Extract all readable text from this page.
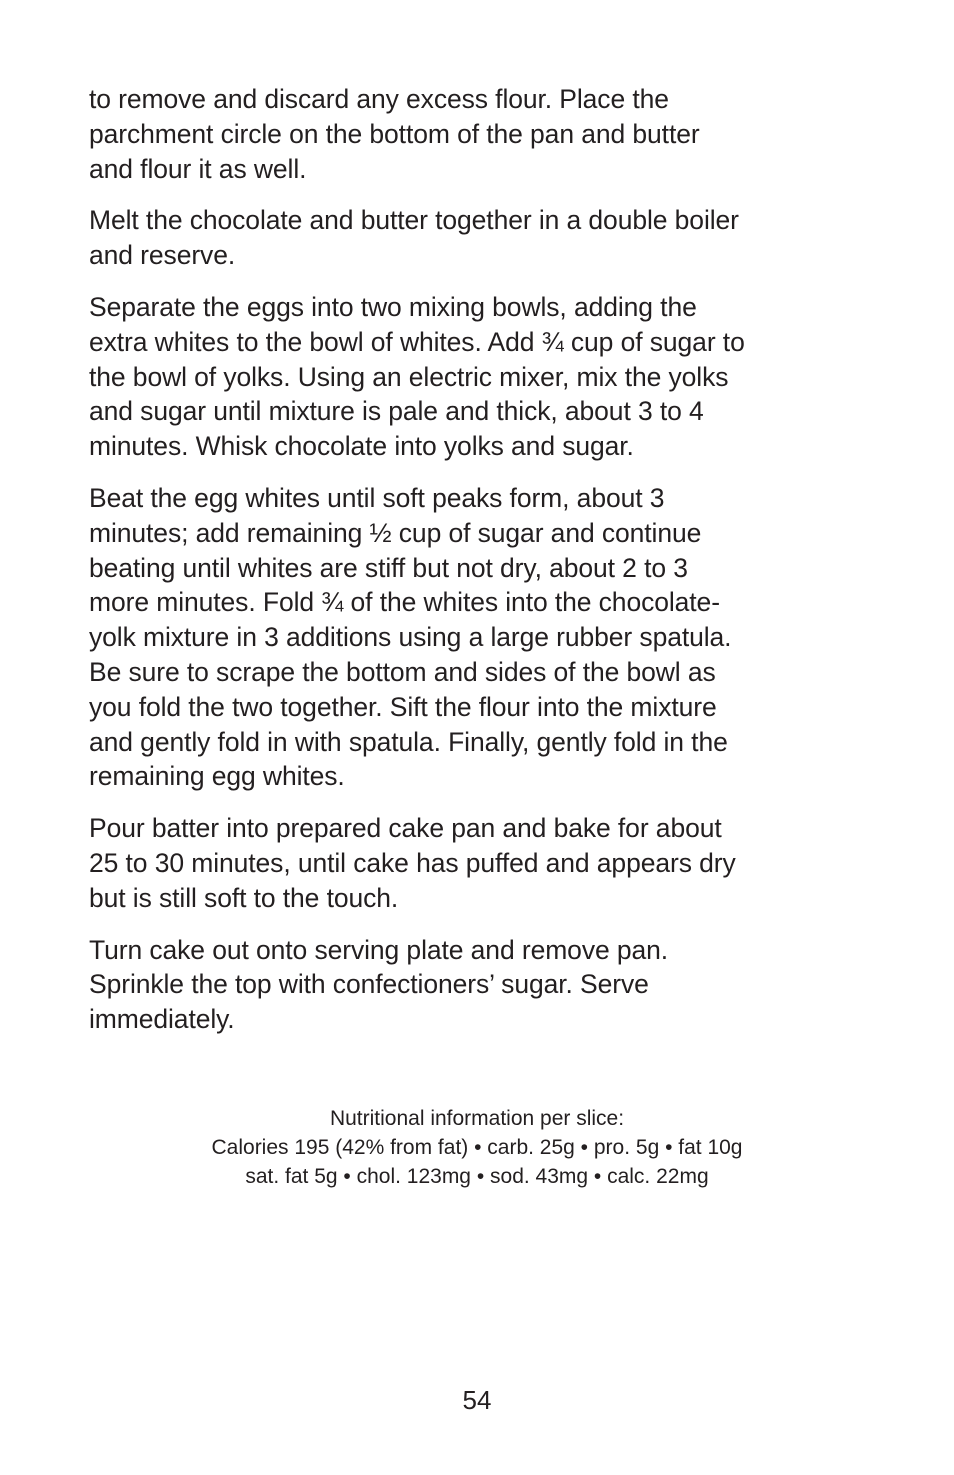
to remove and discard any excess flour. Place the
parchment circle on the bottom of the pan and butter
and flour it as well.

Melt the chocolate and butter together in a double boiler
and reserve.

Separate the eggs into two mixing bowls, adding the
extra whites to the bowl of whites. Add ¾ cup of sugar to
the bowl of yolks. Using an electric mixer, mix the yolks
and sugar until mixture is pale and thick, about 3 to 4
minutes. Whisk chocolate into yolks and sugar.

Beat the egg whites until soft peaks form, about 3
minutes; add remaining ½ cup of sugar and continue
beating until whites are stiff but not dry, about 2 to 3
more minutes. Fold ¾ of the whites into the chocolate-
yolk mixture in 3 additions using a large rubber spatula.
Be sure to scrape the bottom and sides of the bowl as
you fold the two together. Sift the flour into the mixture
and gently fold in with spatula. Finally, gently fold in the
remaining egg whites.

Pour batter into prepared cake pan and bake for about
25 to 30 minutes, until cake has puffed and appears dry
but is still soft to the touch.

Turn cake out onto serving plate and remove pan.
Sprinkle the top with confectioners’ sugar. Serve
immediately.

Nutritional information per slice:
Calories 195 (42% from fat) • carb. 25g • pro. 5g • fat 10g
sat. fat 5g • chol. 123mg • sod. 43mg • calc. 22mg
54
